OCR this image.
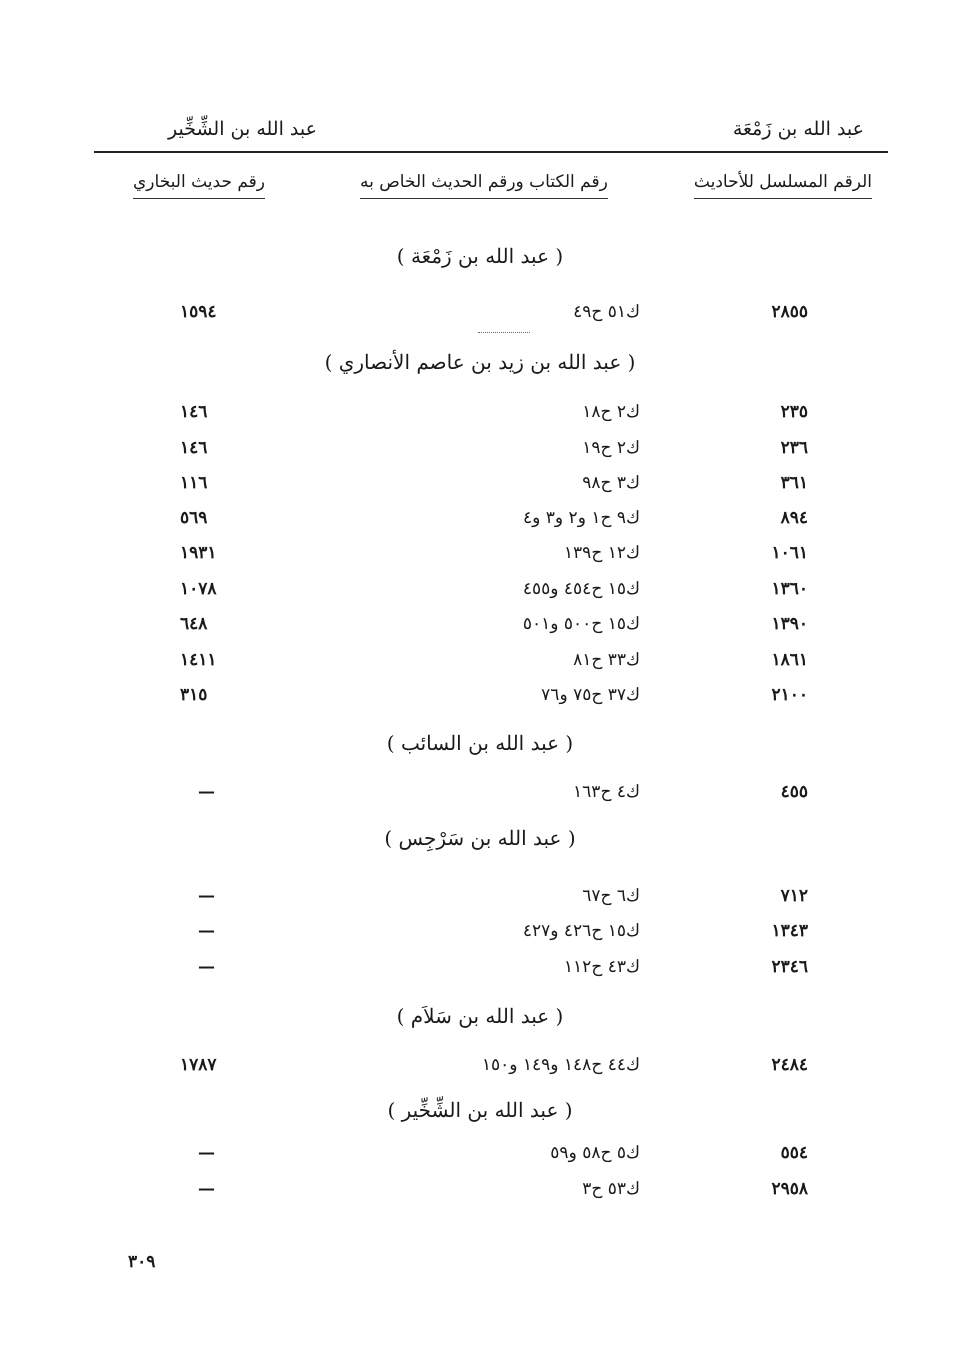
عبد الله بن زَمْعَة
عبد الله بن الشِّخِّير
الرقم المسلسل للأحاديث
رقم الكتاب ورقم الحديث الخاص به
رقم حديث البخاري
( عبد الله بن زَمْعَة )
٢٨٥٥
ك٥١ ح٤٩
١٥٩٤
( عبد الله بن زيد بن عاصم الأنصاري )
٢٣٥
ك٢ ح١٨
١٤٦
٢٣٦
ك٢ ح١٩
١٤٦
٣٦١
ك٣ ح٩٨
١١٦
٨٩٤
ك٩ ح١ و٢ و٣ و٤
٥٦٩
١٠٦١
ك١٢ ح١٣٩
١٩٣١
١٣٦٠
ك١٥ ح٤٥٤ و٤٥٥
١٠٧٨
١٣٩٠
ك١٥ ح٥٠٠ و٥٠١
٦٤٨
١٨٦١
ك٣٣ ح٨١
١٤١١
٢١٠٠
ك٣٧ ح٧٥ و٧٦
٣١٥
( عبد الله بن السائب )
٤٥٥
ك٤ ح١٦٣
—
( عبد الله بن سَرْجِس )
٧١٢
ك٦ ح٦٧
—
١٣٤٣
ك١٥ ح٤٢٦ و٤٢٧
—
٢٣٤٦
ك٤٣ ح١١٢
—
( عبد الله بن سَلاَم )
٢٤٨٤
ك٤٤ ح١٤٨ و١٤٩ و١٥٠
١٧٨٧
( عبد الله بن الشِّخِّير )
٥٥٤
ك٥ ح٥٨ و٥٩
—
٢٩٥٨
ك٥٣ ح٣
—
٣٠٩
